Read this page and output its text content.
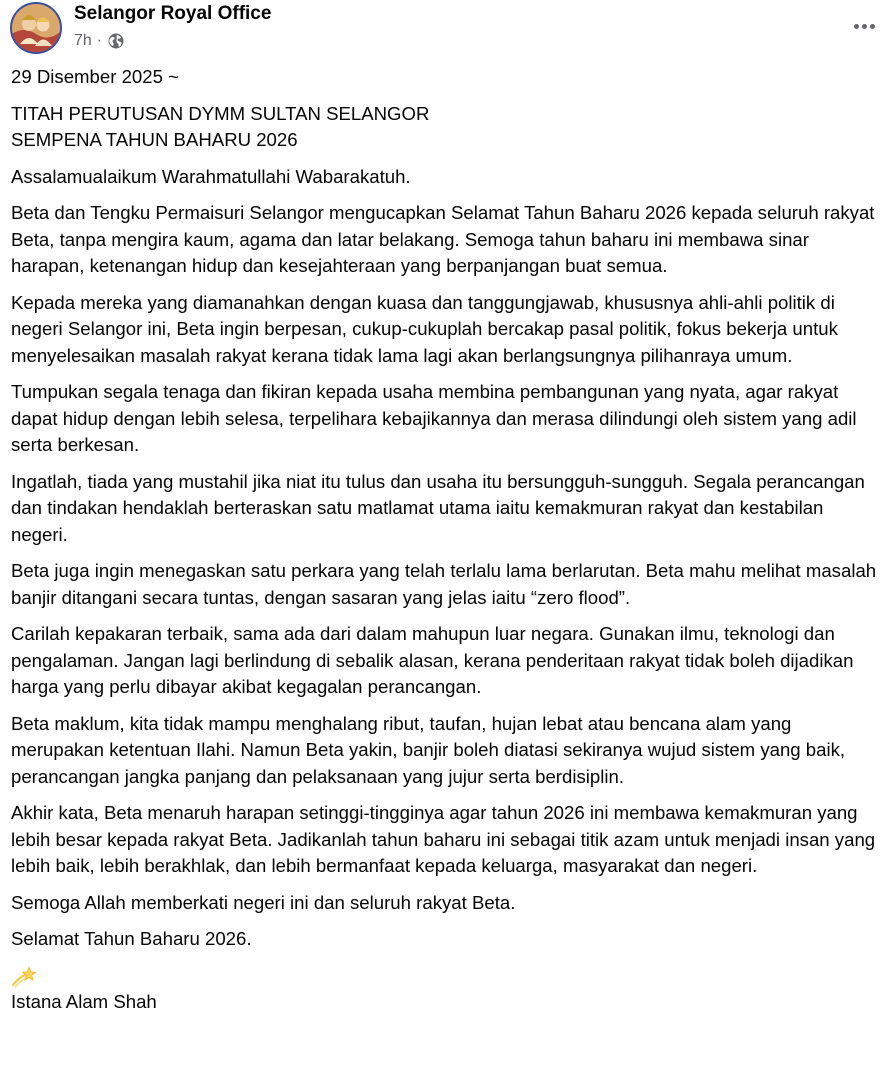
Selangor Royal Office
7h ·

29 Disember 2025 ~

TITAH PERUTUSAN DYMM SULTAN SELANGOR
SEMPENA TAHUN BAHARU 2026

Assalamualaikum Warahmatullahi Wabarakatuh.

Beta dan Tengku Permaisuri Selangor mengucapkan Selamat Tahun Baharu 2026 kepada seluruh rakyat Beta, tanpa mengira kaum, agama dan latar belakang. Semoga tahun baharu ini membawa sinar harapan, ketenangan hidup dan kesejahteraan yang berpanjangan buat semua.

Kepada mereka yang diamanahkan dengan kuasa dan tanggungjawab, khususnya ahli-ahli politik di negeri Selangor ini, Beta ingin berpesan, cukup-cukuplah bercakap pasal politik, fokus bekerja untuk menyelesaikan masalah rakyat kerana tidak lama lagi akan berlangsungnya pilihanraya umum.

Tumpukan segala tenaga dan fikiran kepada usaha membina pembangunan yang nyata, agar rakyat dapat hidup dengan lebih selesa, terpelihara kebajikannya dan merasa dilindungi oleh sistem yang adil serta berkesan.

Ingatlah, tiada yang mustahil jika niat itu tulus dan usaha itu bersungguh-sungguh. Segala perancangan dan tindakan hendaklah berteraskan satu matlamat utama iaitu kemakmuran rakyat dan kestabilan negeri.

Beta juga ingin menegaskan satu perkara yang telah terlalu lama berlarutan. Beta mahu melihat masalah banjir ditangani secara tuntas, dengan sasaran yang jelas iaitu “zero flood”.

Carilah kepakaran terbaik, sama ada dari dalam mahupun luar negara. Gunakan ilmu, teknologi dan pengalaman. Jangan lagi berlindung di sebalik alasan, kerana penderitaan rakyat tidak boleh dijadikan harga yang perlu dibayar akibat kegagalan perancangan.

Beta maklum, kita tidak mampu menghalang ribut, taufan, hujan lebat atau bencana alam yang merupakan ketentuan Ilahi. Namun Beta yakin, banjir boleh diatasi sekiranya wujud sistem yang baik, perancangan jangka panjang dan pelaksanaan yang jujur serta berdisiplin.

Akhir kata, Beta menaruh harapan setinggi-tingginya agar tahun 2026 ini membawa kemakmuran yang lebih besar kepada rakyat Beta. Jadikanlah tahun baharu ini sebagai titik azam untuk menjadi insan yang lebih baik, lebih berakhlak, dan lebih bermanfaat kepada keluarga, masyarakat dan negeri.

Semoga Allah memberkati negeri ini dan seluruh rakyat Beta.

Selamat Tahun Baharu 2026.

Istana Alam Shah
